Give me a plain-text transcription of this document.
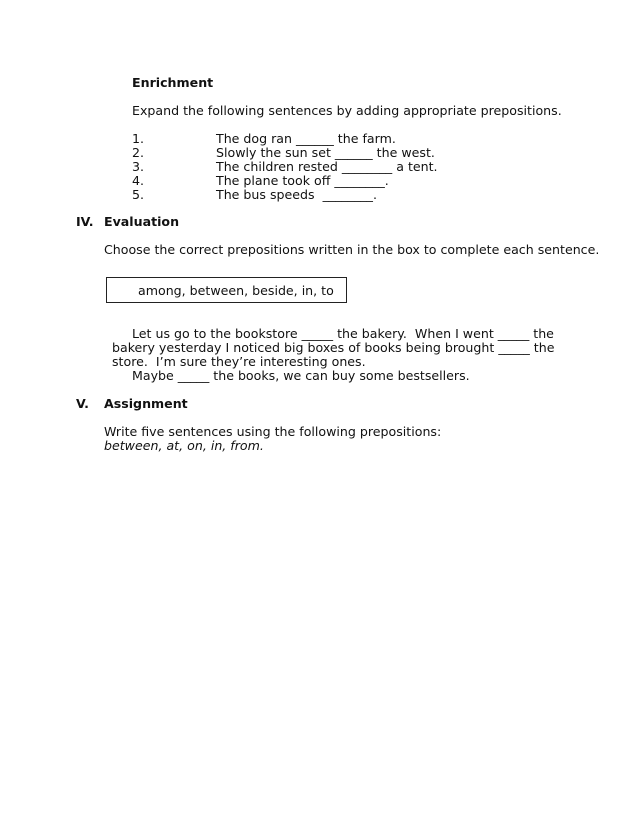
Enrichment
Expand the following sentences by adding appropriate prepositions.
1.	The dog ran ______ the farm.
2.	Slowly the sun set ______ the west.
3.	The children rested ________ a tent.
4.	The plane took off ________.
5.	The bus speeds  ________.
IV. Evaluation
Choose the correct prepositions written in the box to complete each sentence.
among, between, beside, in, to
Let us go to the bookstore _____ the bakery.  When I went _____ the
bakery yesterday I noticed big boxes of books being brought _____ the
store.  I’m sure they’re interesting ones.
Maybe _____ the books, we can buy some bestsellers.
V. Assignment
Write five sentences using the following prepositions:
between, at, on, in, from.
